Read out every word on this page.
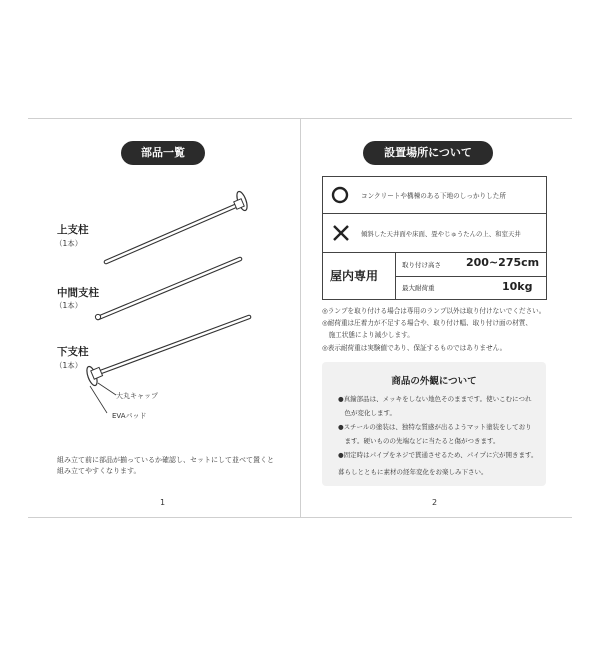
部品一覧
上支柱
（1本）
中間支柱
（1本）
下支柱
（1本）
大丸キャップ
EVAパッド
組み立て前に部品が揃っているか確認し、セットにして並べて置くと
組み立てやすくなります。
1
設置場所について
コンクリートや構棟のある下地のしっかりした所
傾斜した天井面や床面、畳やじゅうたんの上、和室天井
屋内専用
取り付け高さ 200~275cm
最大耐荷重	10kg
◎ランプを取り付ける場合は専用のランプ以外は取り付けないでください。
◎耐荷重は圧着力が不足する場合や、取り付け幅、取り付け面の材質、
　施工状態により減少します。
◎表示耐荷重は実験値であり、保証するものではありません。
商品の外観について
●真鍮部品は、メッキをしない地色そのままです。使いこむにつれ
　色が変化します。
●スチールの塗装は、独特な質感が出るようマット塗装をしており
　ます。硬いものの先端などに当たると傷がつきます。
●固定時はパイプをネジで貫通させるため、パイプに穴が開きます。
暮らしとともに素材の経年変化をお楽しみ下さい。
2
